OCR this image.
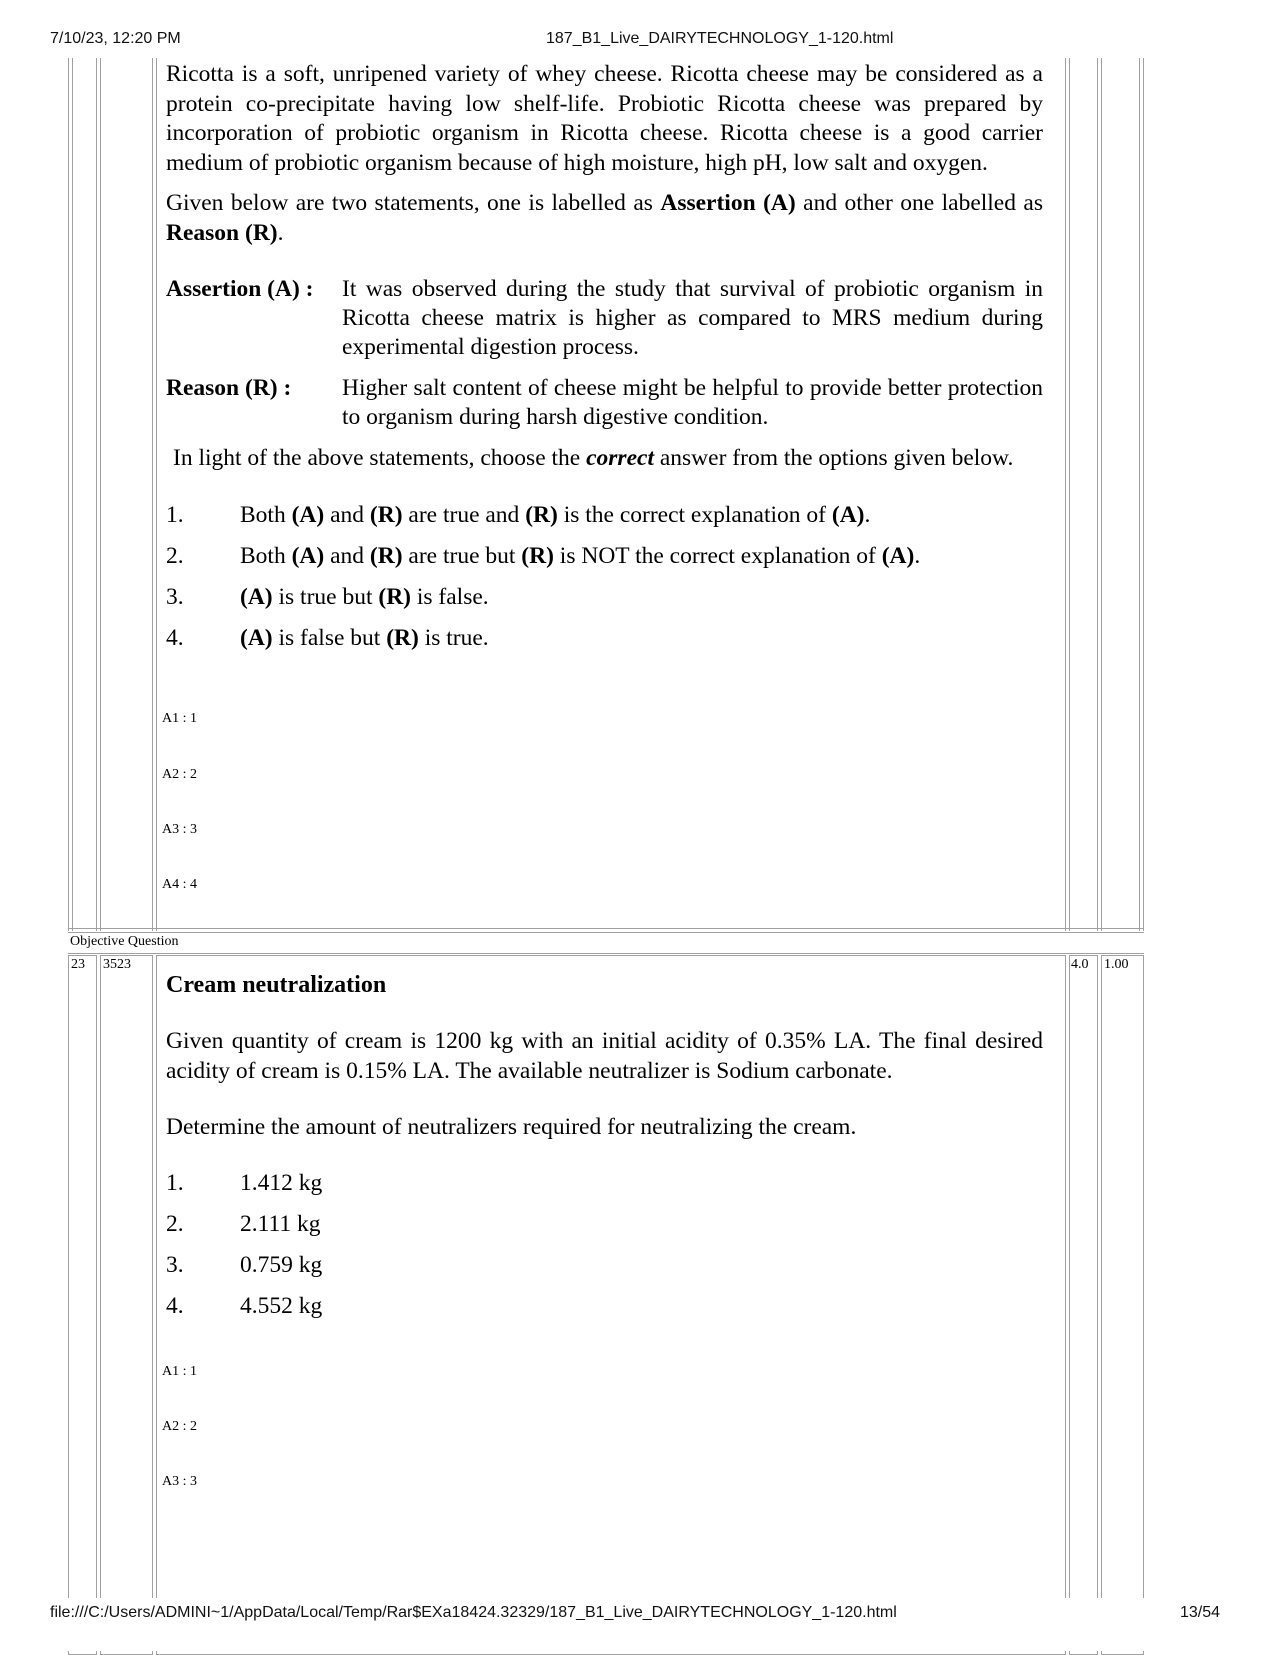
7/10/23, 12:20 PM	187_B1_Live_DAIRYTECHNOLOGY_1-120.html
Objective Question
23 3523	4.0 1.00

Ricotta is a soft, unripened variety of whey cheese. Ricotta cheese may be considered as a protein co-precipitate having low shelf-life. Probiotic Ricotta cheese was prepared by incorporation of probiotic organism in Ricotta cheese. Ricotta cheese is a good carrier medium of probiotic organism because of high moisture, high pH, low salt and oxygen.

Given below are two statements, one is labelled as Assertion (A) and other one labelled as Reason (R).

Assertion (A) :	It was observed during the study that survival of probiotic organism in Ricotta cheese matrix is higher as compared to MRS medium during experimental digestion process.
Reason (R) :	Higher salt content of cheese might be helpful to provide better protection to organism during harsh digestive condition.

In light of the above statements, choose the correct answer from the options given below.

1.	Both (A) and (R) are true and (R) is the correct explanation of (A).
2.	Both (A) and (R) are true but (R) is NOT the correct explanation of (A).
3.	(A) is true but (R) is false.
4.	(A) is false but (R) is true.
A1 : 1
A2 : 2
A3 : 3
A4 : 4
Cream neutralization

Given quantity of cream is 1200 kg with an initial acidity of 0.35% LA. The final desired acidity of cream is 0.15% LA. The available neutralizer is Sodium carbonate.

Determine the amount of neutralizers required for neutralizing the cream.

1.	1.412 kg
2.	2.111 kg
3.	0.759 kg
4.	4.552 kg
A1 : 1
A2 : 2
A3 : 3
file:///C:/Users/ADMINI~1/AppData/Local/Temp/Rar$EXa18424.32329/187_B1_Live_DAIRYTECHNOLOGY_1-120.html	13/54
